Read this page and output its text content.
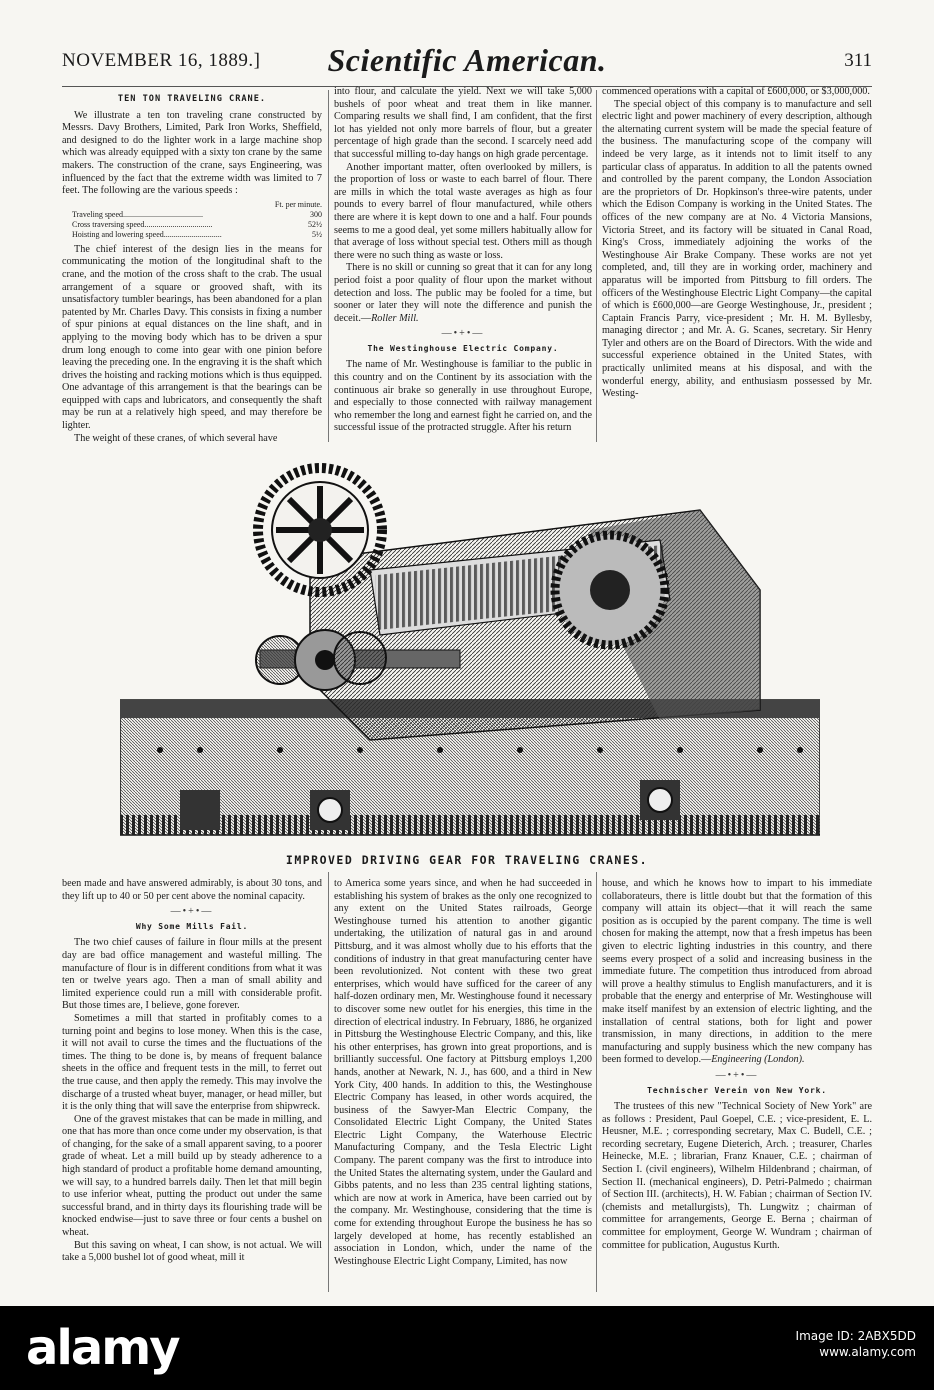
NOVEMBER 16, 1889.]	Scientific American.	311
TEN TON TRAVELING CRANE.

We illustrate a ten ton traveling crane constructed by Messrs. Davy Brothers, Limited, Park Iron Works, Sheffield, and designed to do the lighter work in a large machine shop which was already equipped with a sixty ton crane by the same makers. The construction of the crane, says Engineering, was influenced by the fact that the extreme width was limited to 7 feet. The following are the various speeds :

Ft. per minute.
Traveling speed........................................	300
Cross traversing speed..................................	52½
Hoisting and lowering speed.............................	5½

The chief interest of the design lies in the means for communicating the motion of the longitudinal shaft to the crane, and the motion of the cross shaft to the crab. The usual arrangement of a square or grooved shaft, with its unsatisfactory tumbler bearings, has been abandoned for a plan patented by Mr. Charles Davy. This consists in fixing a number of spur pinions at equal distances on the line shaft, and in applying to the moving body which has to be driven a spur drum long enough to come into gear with one pinion before leaving the preceding one. In the engraving it is the shaft which drives the hoisting and racking motions which is thus equipped. One advantage of this arrangement is that the bearings can be equipped with caps and lubricators, and consequently the shaft may be run at a relatively high speed, and may therefore be lighter.

The weight of these cranes, of which several have

into flour, and calculate the yield. Next we will take 5,000 bushels of poor wheat and treat them in like manner. Comparing results we shall find, I am confident, that the first lot has yielded not only more barrels of flour, but a greater percentage of high grade than the second. I scarcely need add that successful milling to-day hangs on high grade percentage.

Another important matter, often overlooked by millers, is the proportion of loss or waste to each barrel of flour. There are mills in which the total waste averages as high as four pounds to every barrel of flour manufactured, while others there are where it is kept down to one and a half. Four pounds seems to me a good deal, yet some millers habitually allow for that average of loss without special test. Others mill as though there were no such thing as waste or loss.

There is no skill or cunning so great that it can for any long period foist a poor quality of flour upon the market without detection and loss. The public may be fooled for a time, but sooner or later they will note the difference and punish the deceit.—Roller Mill.

—•+•—
The Westinghouse Electric Company.

The name of Mr. Westinghouse is familiar to the public in this country and on the Continent by its association with the continuous air brake so generally in use throughout Europe, and especially to those connected with railway management who remember the long and earnest fight he carried on, and the successful issue of the protracted struggle. After his return

commenced operations with a capital of £600,000, or $3,000,000.

The special object of this company is to manufacture and sell electric light and power machinery of every description, although the alternating current system will be made the special feature of the business. The manufacturing scope of the company will indeed be very large, as it intends not to limit itself to any particular class of apparatus. In addition to all the patents owned and controlled by the parent company, the London Association are the proprietors of Dr. Hopkinson's three-wire patents, under which the Edison Company is working in the United States. The offices of the new company are at No. 4 Victoria Mansions, Victoria Street, and its factory will be situated in Canal Road, King's Cross, immediately adjoining the works of the Westinghouse Air Brake Company. These works are not yet completed, and, till they are in working order, machinery and apparatus will be imported from Pittsburg to fill orders. The officers of the Westinghouse Electric Light Company—the capital of which is £600,000—are George Westinghouse, Jr., president ; Captain Francis Parry, vice-president ; Mr. H. M. Byllesby, managing director ; and Mr. A. G. Scanes, secretary. Sir Henry Tyler and others are on the Board of Directors. With the wide and successful experience obtained in the United States, with practically unlimited means at his disposal, and with the wonderful energy, ability, and enthusiasm possessed by Mr. Westing-

IMPROVED DRIVING GEAR FOR TRAVELING CRANES.

been made and have answered admirably, is about 30 tons, and they lift up to 40 or 50 per cent above the nominal capacity.

—•+•—
Why Some Mills Fail.

The two chief causes of failure in flour mills at the present day are bad office management and wasteful milling. The manufacture of flour is in different conditions from what it was ten or twelve years ago. Then a man of small ability and limited experience could run a mill with considerable profit. But those times are, I believe, gone forever.

Sometimes a mill that started in profitably comes to a turning point and begins to lose money. When this is the case, it will not avail to curse the times and the fluctuations of the times. The thing to be done is, by means of frequent balance sheets in the office and frequent tests in the mill, to ferret out the true cause, and then apply the remedy. This may involve the discharge of a trusted wheat buyer, manager, or head miller, but it is the only thing that will save the enterprise from shipwreck.

One of the gravest mistakes that can be made in milling, and one that has more than once come under my observation, is that of changing, for the sake of a small apparent saving, to a poorer grade of wheat. Let a mill build up by steady adherence to a high standard of product a profitable home demand amounting, we will say, to a hundred barrels daily. Then let that mill begin to use inferior wheat, putting the product out under the same successful brand, and in thirty days its flourishing trade will be knocked endwise—just to save three or four cents a bushel on wheat.

But this saving on wheat, I can show, is not actual. We will take a 5,000 bushel lot of good wheat, mill it

to America some years since, and when he had succeeded in establishing his system of brakes as the only one recognized to any extent on the United States railroads, George Westinghouse turned his attention to another gigantic undertaking, the utilization of natural gas in and around Pittsburg, and it was almost wholly due to his efforts that the conditions of industry in that great manufacturing center have been revolutionized. Not content with these two great enterprises, which would have sufficed for the career of any half-dozen ordinary men, Mr. Westinghouse found it necessary to discover some new outlet for his energies, this time in the direction of electrical industry. In February, 1886, he organized in Pittsburg the Westinghouse Electric Company, and this, like his other enterprises, has grown into great proportions, and is brilliantly successful. One factory at Pittsburg employs 1,200 hands, another at Newark, N. J., has 600, and a third in New York City, 400 hands. In addition to this, the Westinghouse Electric Company has leased, in other words acquired, the business of the Sawyer-Man Electric Company, the Consolidated Electric Light Company, the United States Electric Light Company, the Waterhouse Electric Manufacturing Company, and the Tesla Electric Light Company. The parent company was the first to introduce into the United States the alternating system, under the Gaulard and Gibbs patents, and no less than 235 central lighting stations, which are now at work in America, have been carried out by the company. Mr. Westinghouse, considering that the time is come for extending throughout Europe the business he has so largely developed at home, has recently established an association in London, which, under the name of the Westinghouse Electric Light Company, Limited, has now

house, and which he knows how to impart to his immediate collaborateurs, there is little doubt but that the formation of this company will attain its object—that it will reach the same position as is occupied by the parent company. The time is well chosen for making the attempt, now that a fresh impetus has been given to electric lighting industries in this country, and there seems every prospect of a solid and increasing business in the immediate future. The competition thus introduced from abroad will prove a healthy stimulus to English manufacturers, and it is probable that the energy and enterprise of Mr. Westinghouse will make itself manifest by an extension of electric lighting, and the installation of central stations, both for light and power transmission, in many directions, in addition to the mere manufacturing and supply business which the new company has been formed to develop.—Engineering (London).

—•+•—
Technischer Verein von New York.

The trustees of this new "Technical Society of New York" are as follows : President, Paul Goepel, C.E. ; vice-president, E. L. Heusner, M.E. ; corresponding secretary, Max C. Budell, C.E. ; recording secretary, Eugene Dieterich, Arch. ; treasurer, Charles Heinecke, M.E. ; librarian, Franz Knauer, C.E. ; chairman of Section I. (civil engineers), Wilhelm Hildenbrand ; chairman, of Section II. (mechanical engineers), D. Petri-Palmedo ; chairman of Section III. (architects), H. W. Fabian ; chairman of Section IV. (chemists and metallurgists), Th. Lungwitz ; chairman of committee for arrangements, George E. Berna ; chairman of committee for employment, George W. Wundram ; chairman of committee for publication, Augustus Kurth.

alamy	Image ID: 2ABX5DD
www.alamy.com
